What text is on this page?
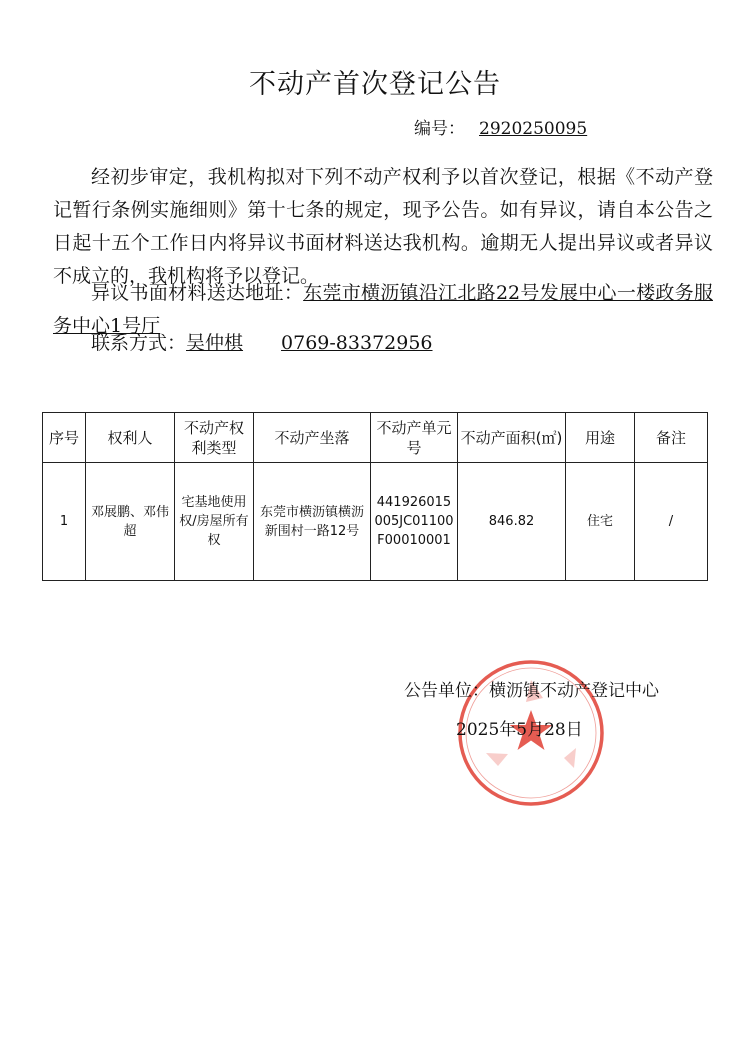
不动产首次登记公告
编号： 2920250095
经初步审定，我机构拟对下列不动产权利予以首次登记，根据《不动产登记暂行条例实施细则》第十七条的规定，现予公告。如有异议，请自本公告之日起十五个工作日内将异议书面材料送达我机构。逾期无人提出异议或者异议不成立的，我机构将予以登记。
异议书面材料送达地址：东莞市横沥镇沿江北路22号发展中心一楼政务服务中心1号厅
联系方式：吴仲棋 0769-83372956
序号	权利人	不动产权利类型	不动产坐落	不动产单元号	不动产面积(㎡)	用途	备注
1	邓展鹏、邓伟超	宅基地使用权/房屋所有权	东莞市横沥镇横沥新围村一路12号	441926015005JC01100F00010001	846.82	住宅	/
公告单位：横沥镇不动产登记中心
2025年5月28日
